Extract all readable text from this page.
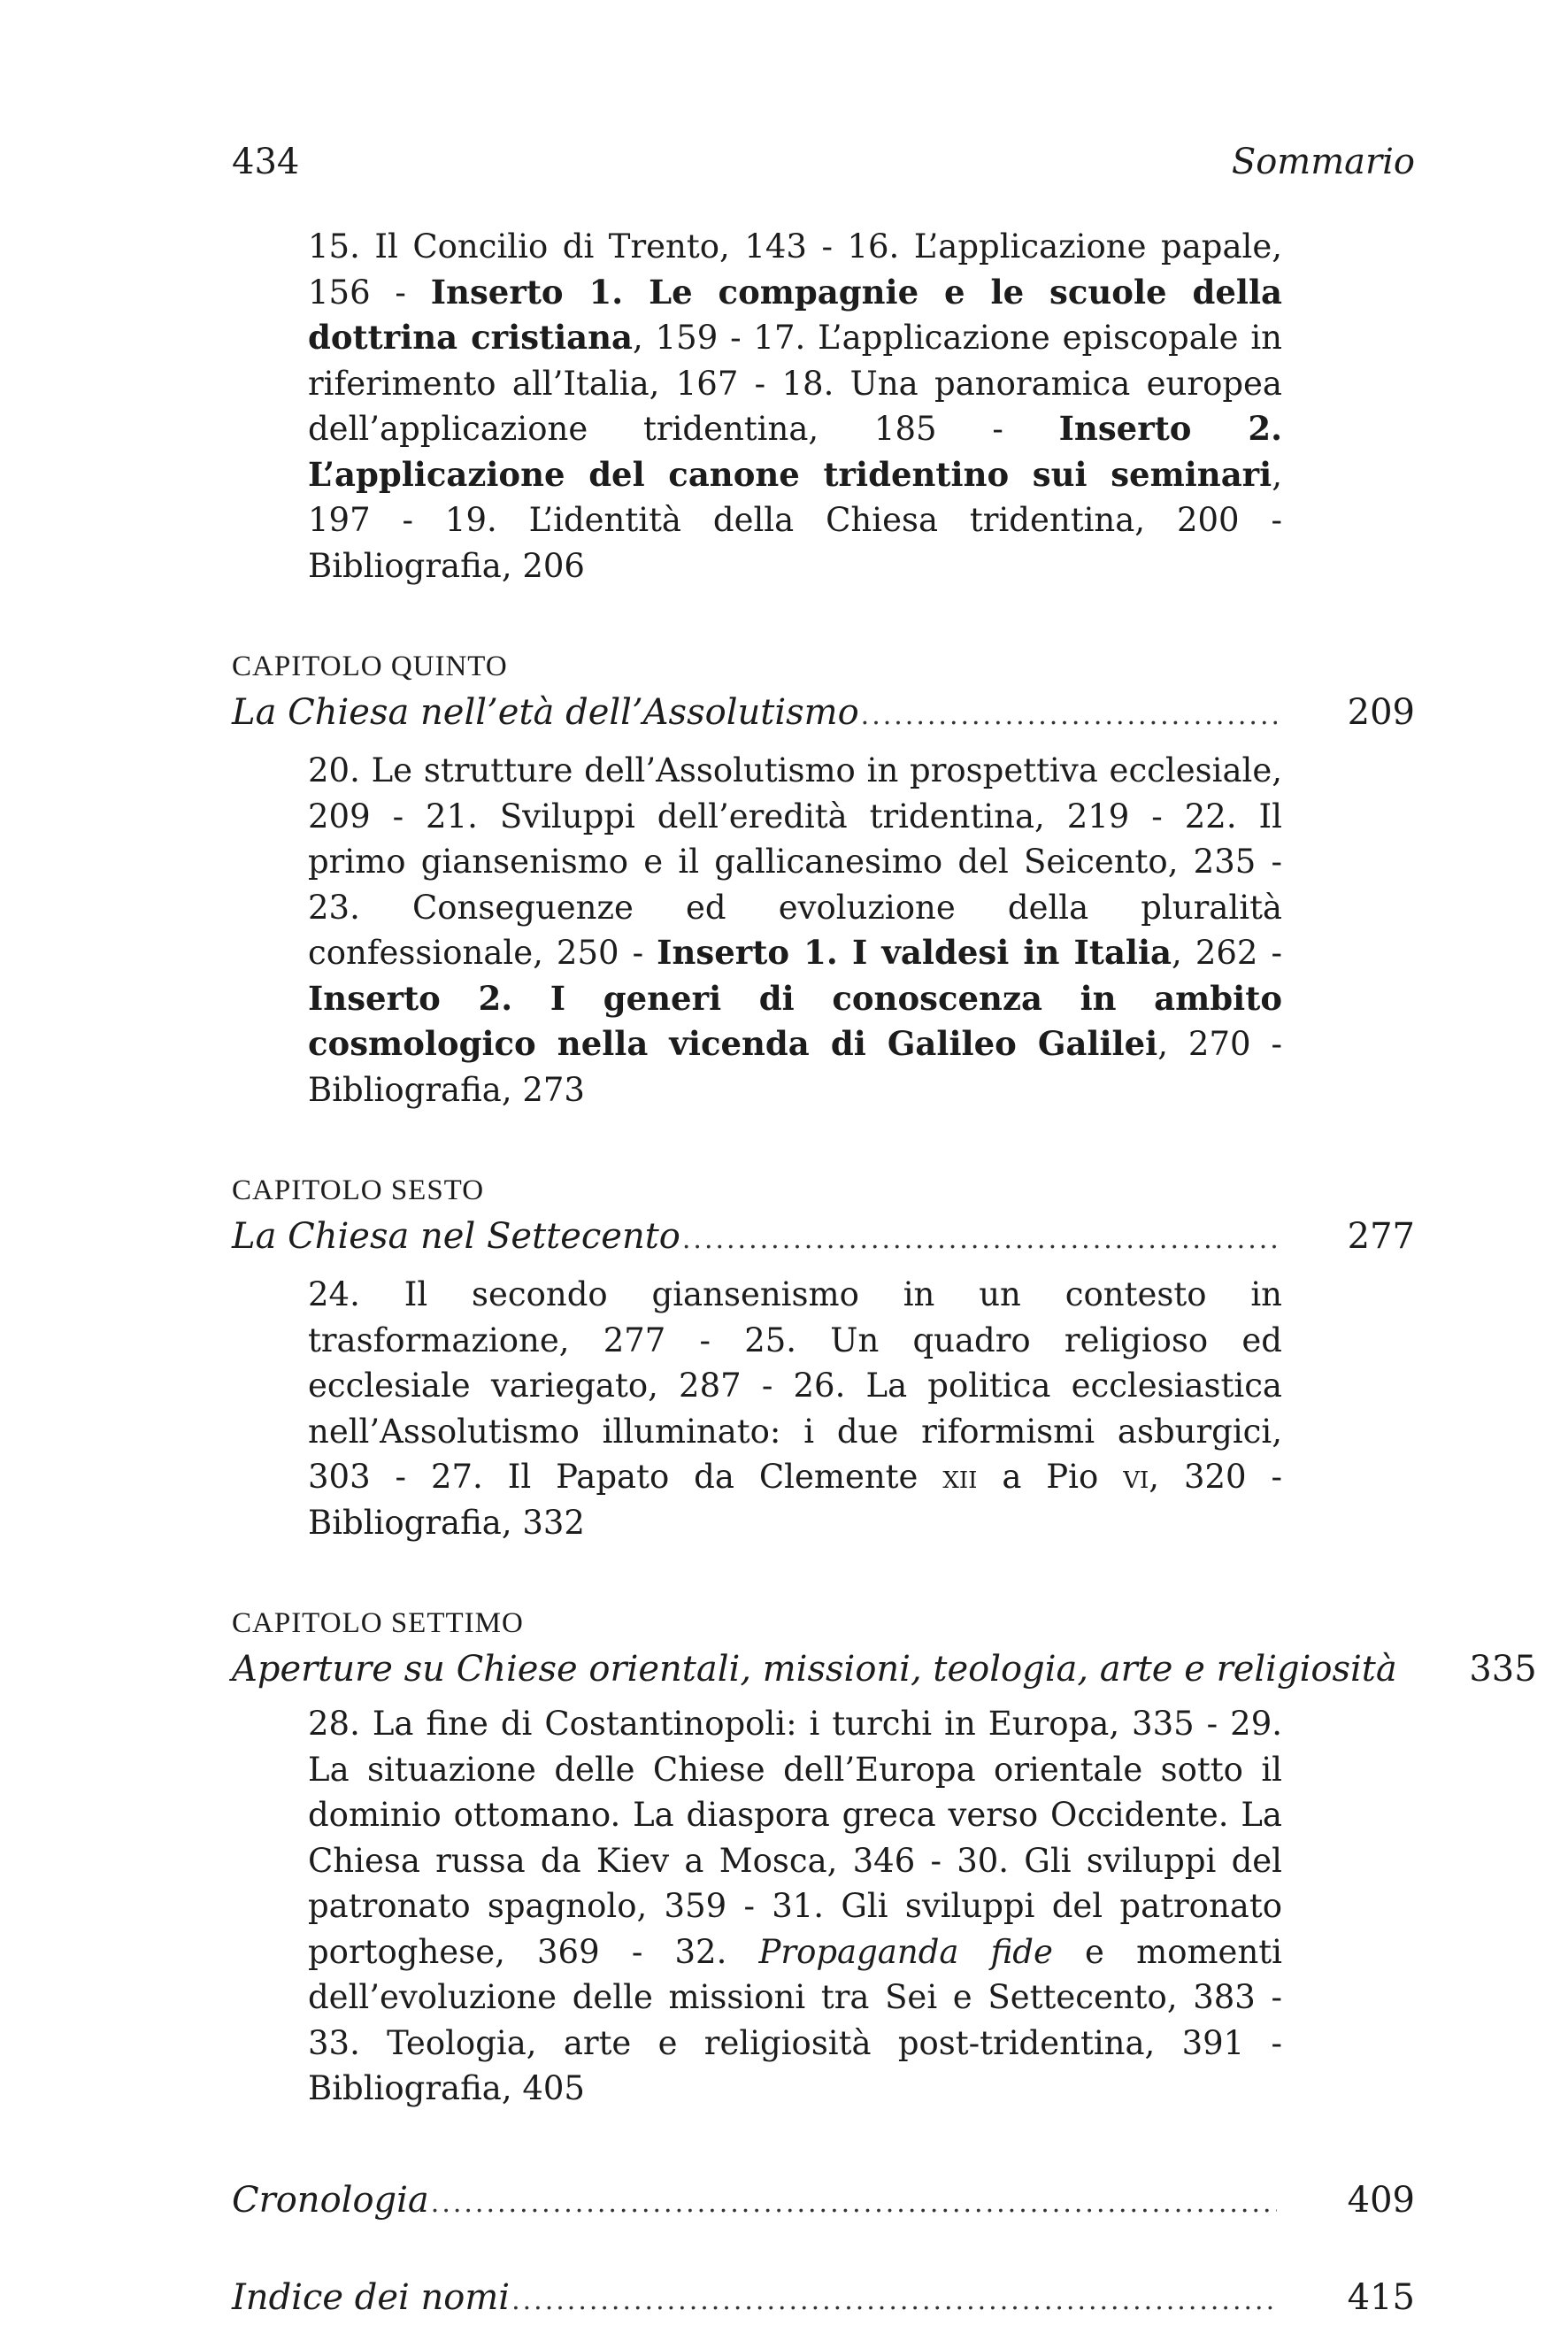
434	Sommario
15. Il Concilio di Trento, 143 - 16. L’applicazione papale, 156 - Inserto 1. Le compagnie e le scuole della dottrina cristiana, 159 - 17. L’applicazione episcopale in riferimento all’Italia, 167 - 18. Una panoramica europea dell’applicazione tridentina, 185 - Inserto 2. L’applicazione del canone tridentino sui seminari, 197 - 19. L’identità della Chiesa tridentina, 200 - Bibliografia, 206
CAPITOLO QUINTO
La Chiesa nell’età dell’Assolutismo .....	209
20. Le strutture dell’Assolutismo in prospettiva ecclesiale, 209 - 21. Sviluppi dell’eredità tridentina, 219 - 22. Il primo giansenismo e il gallicanesimo del Seicento, 235 - 23. Conseguenze ed evoluzione della pluralità confessionale, 250 - Inserto 1. I valdesi in Italia, 262 - Inserto 2. I generi di conoscenza in ambito cosmologico nella vicenda di Galileo Galilei, 270 - Bibliografia, 273
CAPITOLO SESTO
La Chiesa nel Settecento .....	277
24. Il secondo giansenismo in un contesto in trasformazione, 277 - 25. Un quadro religioso ed ecclesiale variegato, 287 - 26. La politica ecclesiastica nell’Assolutismo illuminato: i due riformismi asburgici, 303 - 27. Il Papato da Clemente xii a Pio vi, 320 - Bibliografia, 332
CAPITOLO SETTIMO
Aperture su Chiese orientali, missioni, teologia, arte e religiosità	335
28. La fine di Costantinopoli: i turchi in Europa, 335 - 29. La situazione delle Chiese dell’Europa orientale sotto il dominio ottomano. La diaspora greca verso Occidente. La Chiesa russa da Kiev a Mosca, 346 - 30. Gli sviluppi del patronato spagnolo, 359 - 31. Gli sviluppi del patronato portoghese, 369 - 32. Propaganda fide e momenti dell’evoluzione delle missioni tra Sei e Settecento, 383 - 33. Teologia, arte e religiosità post-tridentina, 391 - Bibliografia, 405
Cronologia .....	409
Indice dei nomi .....	415
